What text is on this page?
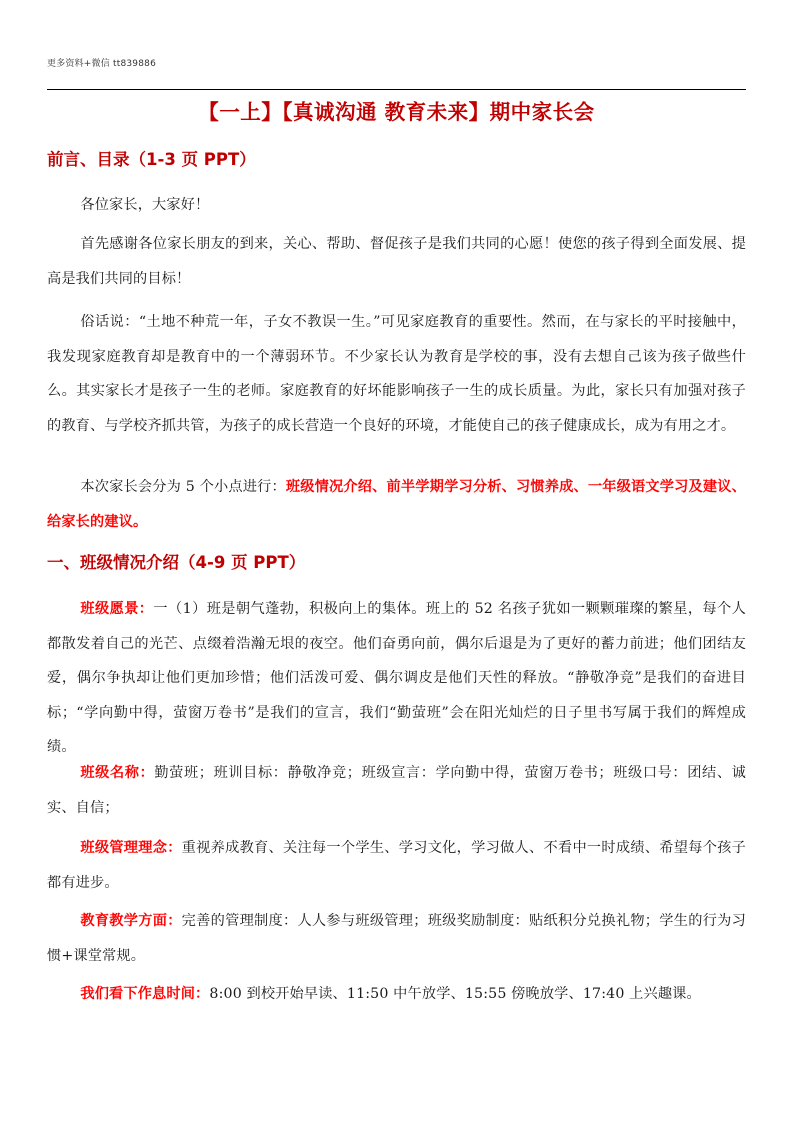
更多资料+微信 tt839886
【一上】【真诚沟通 教育未来】期中家长会
前言、目录（1-3 页 PPT）
各位家长，大家好！
首先感谢各位家长朋友的到来，关心、帮助、督促孩子是我们共同的心愿！使您的孩子得到全面发展、提高是我们共同的目标！
俗话说：“土地不种荒一年，子女不教误一生。”可见家庭教育的重要性。然而，在与家长的平时接触中，我发现家庭教育却是教育中的一个薄弱环节。不少家长认为教育是学校的事，没有去想自己该为孩子做些什么。其实家长才是孩子一生的老师。家庭教育的好坏能影响孩子一生的成长质量。为此，家长只有加强对孩子的教育、与学校齐抓共管，为孩子的成长营造一个良好的环境，才能使自己的孩子健康成长，成为有用之才。
本次家长会分为 5 个小点进行：班级情况介绍、前半学期学习分析、习惯养成、一年级语文学习及建议、给家长的建议。
一、班级情况介绍（4-9 页 PPT）
班级愿景：一（1）班是朝气蓬勃，积极向上的集体。班上的 52 名孩子犹如一颗颗璀璨的繁星，每个人都散发着自己的光芒、点缀着浩瀚无垠的夜空。他们奋勇向前，偶尔后退是为了更好的蓄力前进；他们团结友爱，偶尔争执却让他们更加珍惜；他们活泼可爱、偶尔调皮是他们天性的释放。“静敬净竞”是我们的奋进目标；“学向勤中得，萤窗万卷书”是我们的宣言，我们“勤萤班”会在阳光灿烂的日子里书写属于我们的辉煌成绩。
班级名称：勤萤班；班训目标：静敬净竞；班级宣言：学向勤中得，萤窗万卷书；班级口号：团结、诚实、自信；
班级管理理念：重视养成教育、关注每一个学生、学习文化，学习做人、不看中一时成绩、希望每个孩子都有进步。
教育教学方面：完善的管理制度：人人参与班级管理；班级奖励制度：贴纸积分兑换礼物；学生的行为习惯+课堂常规。
我们看下作息时间：8:00 到校开始早读、11:50 中午放学、15:55 傍晚放学、17:40 上兴趣课。
